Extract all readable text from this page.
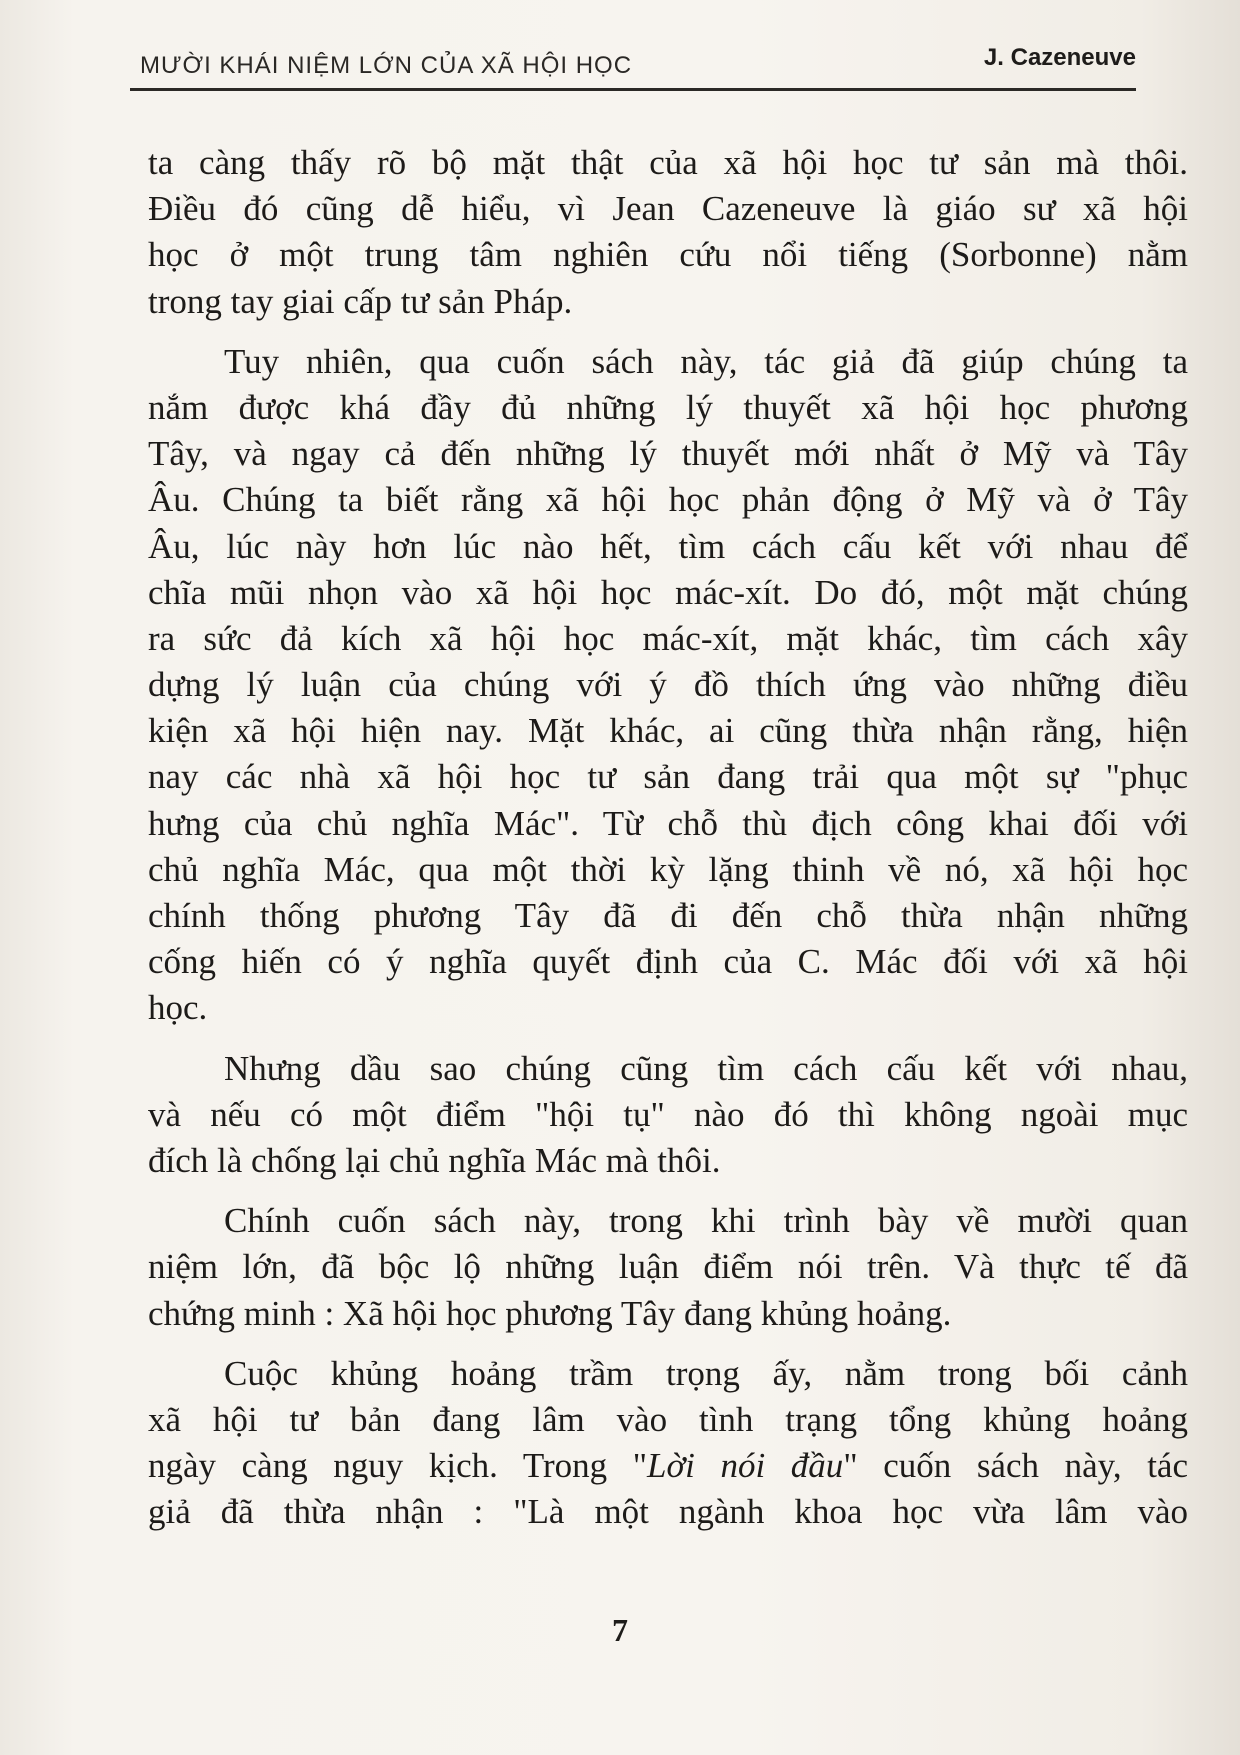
MƯỜI KHÁI NIỆM LỚN CỦA XÃ HỘI HỌC	J. Cazeneuve
ta càng thấy rõ bộ mặt thật của xã hội học tư sản mà thôi.
Điều đó cũng dễ hiểu, vì Jean Cazeneuve là giáo sư xã hội
học ở một trung tâm nghiên cứu nổi tiếng (Sorbonne) nằm
trong tay giai cấp tư sản Pháp.
Tuy nhiên, qua cuốn sách này, tác giả đã giúp chúng ta
nắm được khá đầy đủ những lý thuyết xã hội học phương
Tây, và ngay cả đến những lý thuyết mới nhất ở Mỹ và Tây
Âu. Chúng ta biết rằng xã hội học phản động ở Mỹ và ở Tây
Âu, lúc này hơn lúc nào hết, tìm cách cấu kết với nhau để
chĩa mũi nhọn vào xã hội học mác-xít. Do đó, một mặt chúng
ra sức đả kích xã hội học mác-xít, mặt khác, tìm cách xây
dựng lý luận của chúng với ý đồ thích ứng vào những điều
kiện xã hội hiện nay. Mặt khác, ai cũng thừa nhận rằng, hiện
nay các nhà xã hội học tư sản đang trải qua một sự "phục
hưng của chủ nghĩa Mác". Từ chỗ thù địch công khai đối với
chủ nghĩa Mác, qua một thời kỳ lặng thinh về nó, xã hội học
chính thống phương Tây đã đi đến chỗ thừa nhận những
cống hiến có ý nghĩa quyết định của C. Mác đối với xã hội
học.
Nhưng dầu sao chúng cũng tìm cách cấu kết với nhau,
và nếu có một điểm "hội tụ" nào đó thì không ngoài mục
đích là chống lại chủ nghĩa Mác mà thôi.
Chính cuốn sách này, trong khi trình bày về mười quan
niệm lớn, đã bộc lộ những luận điểm nói trên. Và thực tế đã
chứng minh : Xã hội học phương Tây đang khủng hoảng.
Cuộc khủng hoảng trầm trọng ấy, nằm trong bối cảnh
xã hội tư bản đang lâm vào tình trạng tổng khủng hoảng
ngày càng nguy kịch. Trong "Lời nói đầu" cuốn sách này, tác
giả đã thừa nhận : "Là một ngành khoa học vừa lâm vào
7
